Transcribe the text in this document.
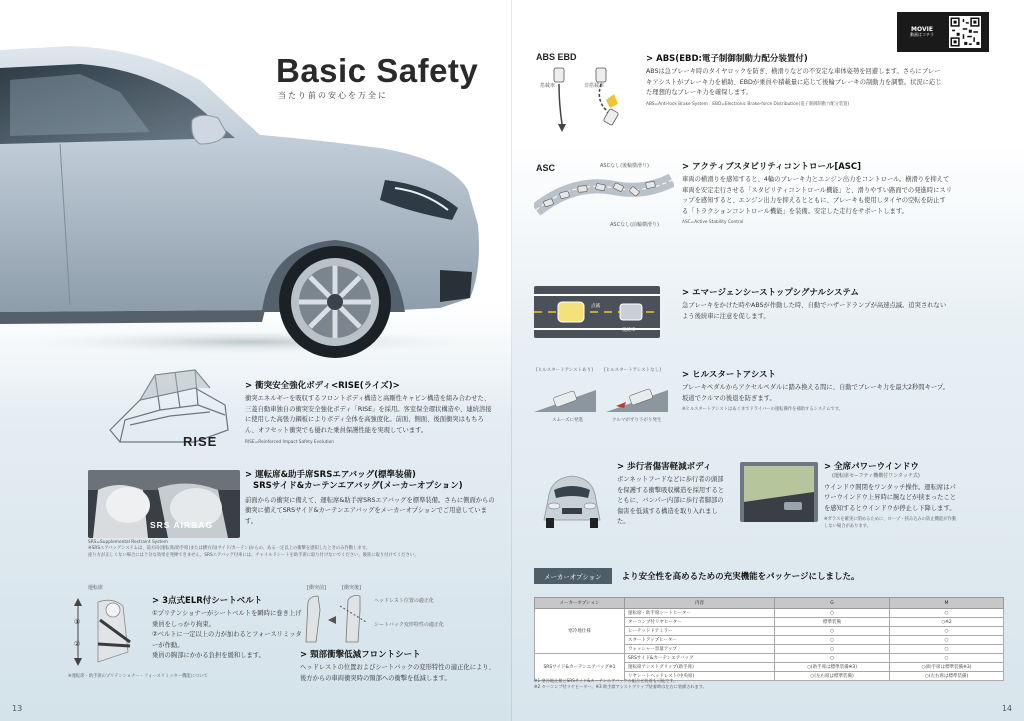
Basic Safety
当たり前の安心を万全に
RISE
> 衝突安全強化ボディ<RISE(ライズ)>
衝突エネルギーを吸収するフロントボディ構造と高剛性キャビン構造を組み合わせた、三菱自動車独自の衝突安全強化ボディ「RISE」を採用。客室保全環状構造や、連続溶接に使用した高張力鋼板によりボディ全体を高強度化。前面、側面、後面衝突はもちろん、オフセット衝突でも優れた乗員保護性能を実現しています。
RISE=Reinforced Impact Safety Evolution
SRS AIRBAG
> 運転席&助手席SRSエアバッグ(標準装備)
SRSサイド&カーテンエアバッグ(メーカーオプション)
前面からの衝突に備えて、運転席&助手席SRSエアバッグを標準装備。さらに側面からの衝突に備えてSRSサイド&カーテンエアバッグをメーカーオプションでご用意しています。
SRS=Supplemental Restraint System
※SRSエアバッグシステムは、前方向(運転席/助手席)または横方向(サイド/カーテン)からの、ある一定以上の衝撃を感知したときのみ作動します。
座り方が正しくない場合には十分な効果を発揮できません。SRSエアバッグ付車には、チャイルドシートを助手席に取り付けないでください。後席に取り付けてください。
運転席
①
②
> 3点式ELR付シートベルト
①プリテンショナーがシートベルトを瞬時に巻き上げ乗員をしっかり拘束。
②ベルトに一定以上の力が加わるとフォースリミッターが作動。
乗員の胸部にかかる負担を緩和します。
※運転席・助手席のプリテンショナー・フォースリミッター機能について
[衝突前]	[衝突後]
ヘッドレスト位置の適正化
シートバック変形特性の適正化
> 頸部衝撃低減フロントシート
ヘッドレストの位置およびシートバックの変形特性の適正化により、後方からの車両衝突時の頸部への衝撃を低減します。
13
MOVIE
動画はコチラ
ABS EBD
搭載車	非搭載車
> ABS(EBD:電子制御制動力配分装置付)
ABSは急ブレーキ時のタイヤロックを防ぎ、横滑りなどの不安定な車体姿勢を回避します。さらにブレーキアシストがブレーキ力を補助、EBDが乗員や積載量に応じて後輪ブレーキの制動力を調整。状況に応じた理想的なブレーキ力を確保します。
ABS=Anti-lock Brake System　EBD=Electronic Brake-force Distribution(電子制御制動力配分装置)
ASC	ASCなし(後輪横滑り)
ASCなし(前輪横滑り)
> アクティブスタビリティコントロール[ASC]
車両の横滑りを感知すると、4輪のブレーキ力とエンジン出力をコントロール。横滑りを抑えて車両を安定走行させる「スタビリティコントロール機能」と、滑りやすい路面での発進時にスリップを感知すると、エンジン出力を抑えるとともに、ブレーキも使用しタイヤの空転を防止する「トラクションコントロール機能」を装備。安定した走行をサポートします。
ASC=Active Stability Control
点滅
後続車
> エマージェンシーストップシグナルシステム
急ブレーキをかけた時やABSが作動した時、自動でハザードランプが高速点滅。追突されないよう後続車に注意を促します。
[ヒルスタートアシストあり] [ヒルスタートアシストなし]
スムーズに発進	クルマがずり下がり発生
> ヒルスタートアシスト
ブレーキペダルからアクセルペダルに踏み換える間に、自動でブレーキ力を最大2秒間キープ。坂道でクルマの後退を防ぎます。
※ヒルスタートアシストはあくまでドライバーの運転操作を補助するシステムです。
> 歩行者傷害軽減ボディ
ボンネットフードなどに歩行者の頭部を保護する衝撃吸収構造を採用するとともに、バンパー内部に歩行者脚部の傷害を低減する構造を取り入れました。
> 全席パワーウインドウ
(運転席セーフティ機構付ワンタッチ式)
ウインドウ開閉をワンタッチ操作。運転席はパワーウインドウ上昇時に腕などが挟まったことを感知するとウインドウが停止し下降します。
※ガラスを確実に閉めるために、ロープ・挟み込みの防止機能が作動しない場合があります。
メーカーオプション	より安全性を高めるための充実機能をパッケージにしました。
メーカーオプション	内容	G	M
寒冷地仕様	運転席・助手席シートヒーター	○	○
	ターコンプ付リヤヒーター	標準装備	○※2
	ヒーテッドドアミラー	○	○
	スタートアップヒーター	○	○
	ウォッシャー容量アップ	○	○
SRSサイド&カーテンエアバッグ※1	SRSサイド&カーテンエアバッグ	○	○
	運転席アシストグリップ(助手席)	○(助手席は標準装備※3)	○(助手席は標準装備※3)
	リヤシートヘッドレスト(中央席)	○(左右席は標準装備)	○(左右席は標準装備)
※1 寒冷地仕様とSRSサイド&カーテンエアバッグの組合せ装着も可能です。
※2 ターコンプ付リヤヒーター。※3 助手席アシストグリップ装着時は左右に装備されます。
14
